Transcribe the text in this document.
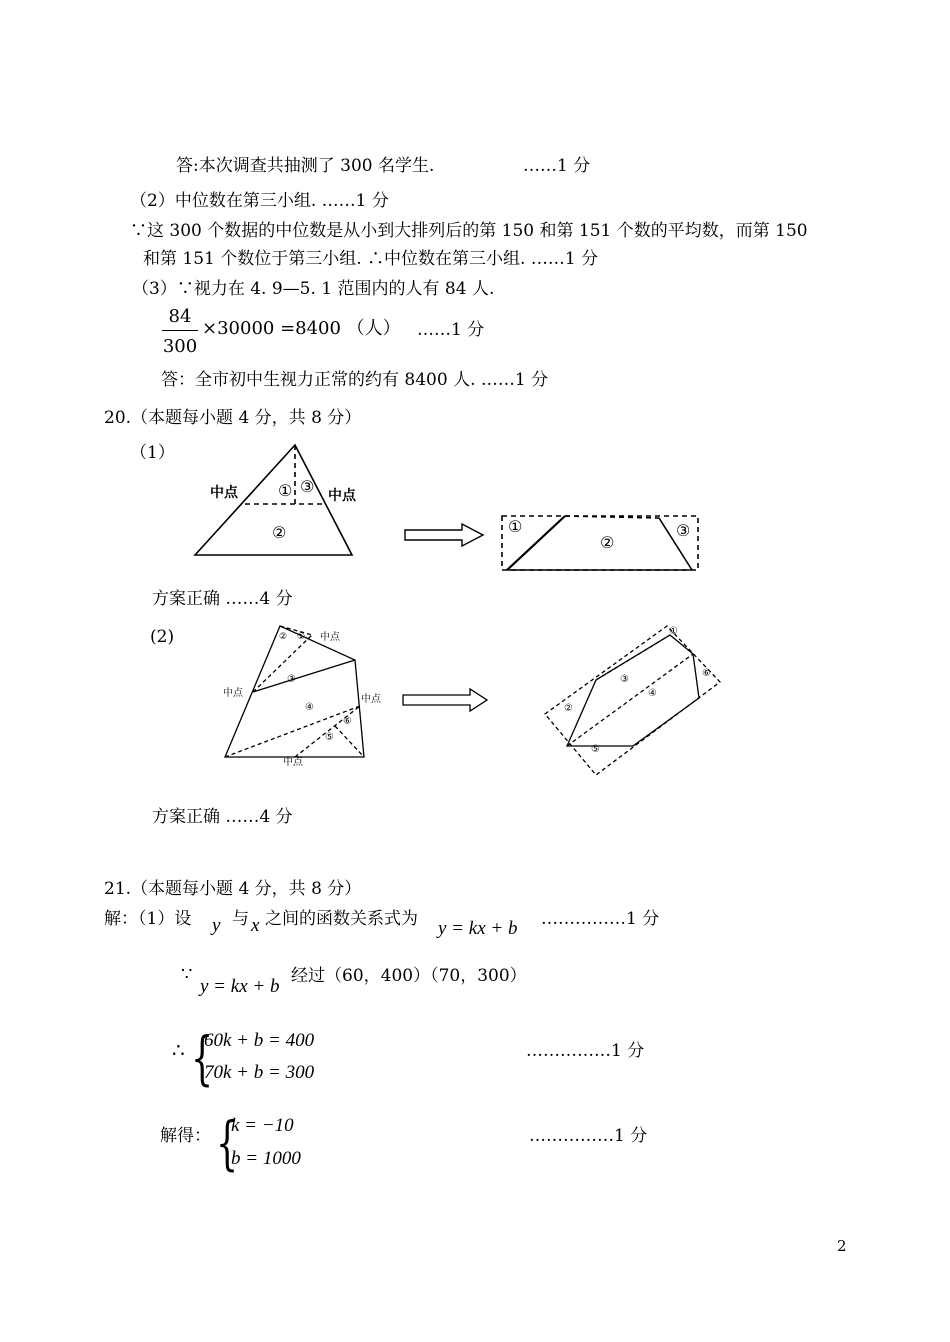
答:本次调查共抽测了 300 名学生.	……1 分
（2）中位数在第三小组. ……1 分
∵这 300 个数据的中位数是从小到大排列后的第 150 和第 151 个数的平均数，而第 150
和第 151 个数位于第三小组. ∴中位数在第三小组. ……1 分
（3）∵视力在 4. 9—5. 1 范围内的人有 84 人.
84
300
×30000 =8400 （人） ……1 分
答：全市初中生视力正常的约有 8400 人. ……1 分
20.（本题每小题 4 分，共 8 分）
（1）
中点	中点
① ③
②	①
②
③
方案正确 ……4 分
(2)	② ① 中点
中点
中点
中点
③
④
⑥
⑤
②
③
④
①
⑥
⑤
方案正确 ……4 分
21.（本题每小题 4 分，共 8 分）
解：（1）设 y 与 x 之间的函数关系式为 y = kx + b ……………1 分
∵
y = kx + b 经过（60，400）（70，300）
∴ {
60k + b = 400
70k + b = 300
……………1 分
解得： {
k = −10
b = 1000
……………1 分
2
